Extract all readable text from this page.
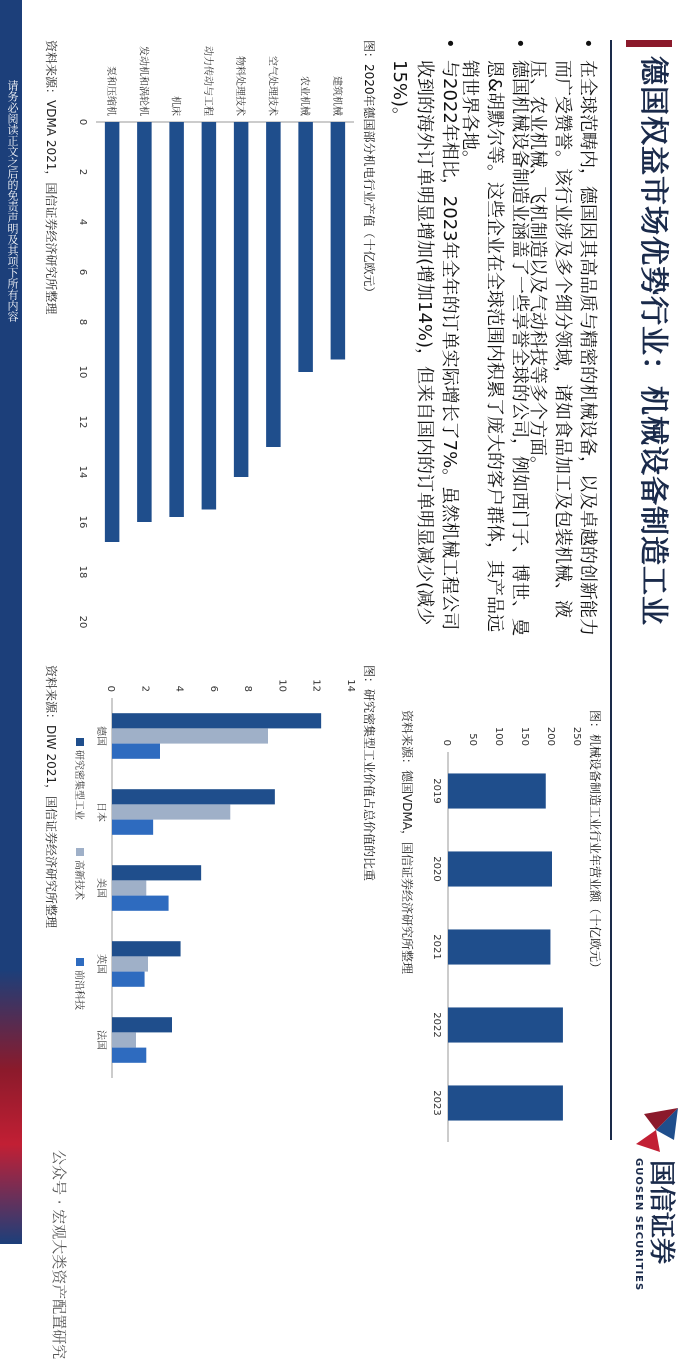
请务必阅读正文之后的免责声明及其项下所有内容	德国权益市场优势行业：机械设备制造工业
国信证券
GUOSEN SECURITIES
•
在全球范畴内，德国因其高品质与精密的机械设备，以及卓越的创新能力而广受赞誉。该行业涉及多个细分领域，诸如食品加工及包装机械、液压、农业机械、飞机制造以及气动科技等多个方面。
•
德国机械设备制造业涵盖了一些享誉全球的公司，例如西门子、博世、曼恩&胡默尔等。这些企业在全球范围内积累了庞大的客户群体，其产品远销世界各地。
•
与2022年相比，2023年全年的订单实际增长了7%。虽然机械工程公司收到的海外订单明显增加(增加14%)，但来自国内的订单明显减少(减少15%)。
图：2020年德国部分机电行业产值（十亿欧元）
建筑机械
农业机械
空气处理技术
物料处理技术
动力传动与工程
机床
发动机和涡轮机
泵和压缩机
0
2
4
6
8
10
12
14
16
18
20
资料来源：VDMA 2021，国信证券经济研究所整理
图：机械设备制造工业行业年营业额（十亿欧元）
0 50 100 150 200 250
2019
2020
2021
2022
2023
资料来源：德国VDMA，国信证券经济研究所整理
图：研究密集型工业价值占总价值的比重
0 2 4 6 8 10 12 14
德国
日本
美国
英国
法国
研究密集型工业
高新技术
前沿科技
资料来源：DIW 2021，国信证券经济研究所整理
公众号 · 宏观大类资产配置研究
